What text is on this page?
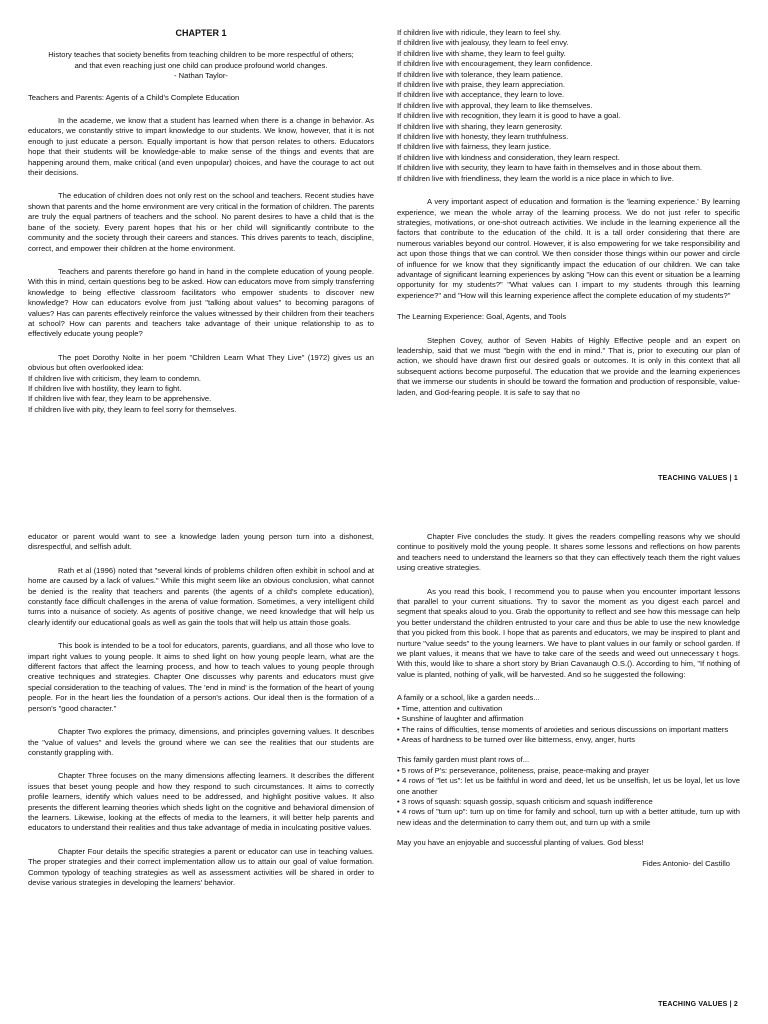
CHAPTER 1

History teaches that society benefits from teaching children to be more respectful of others;

and that even reaching just one child can produce profound world changes.

- Nathan Taylor-

Teachers and Parents: Agents of a Child's Complete Education

In the academe, we know that a student has learned when there is a change in behavior. As educators, we constantly strive to impart knowledge to our students. We know, however, that it is not enough to just educate a person. Equally important is how that person relates to others. Educators hope that their students will be knowledge-able to make sense of the things and events that are happening around them, make critical (and even unpopular) choices, and have the courage to act out their decisions.

The education of children does not only rest on the school and teachers. Recent studies have shown that parents and the home environment are very critical in the formation of children. The parents are truly the equal partners of teachers and the school. No parent desires to have a child that is the bane of the society. Every parent hopes that his or her child will significantly contribute to the community and the society through their careers and stances. This drives parents to teach, discipline, correct, and empower their children at the home environment.

Teachers and parents therefore go hand in hand in the complete education of young people. With this in mind, certain questions beg to be asked. How can educators move from simply transferring knowledge to being effective classroom facilitators who empower students to discover new knowledge? How can educators evolve from just "talking about values" to becoming paragons of values? Has can parents effectively reinforce the values witnessed by their children from their teachers at school? How can parents and teachers take advantage of their unique relationship to as to effectively educate young people?

The poet Dorothy Nolte in her poem "Children Learn What They Live" (1972) gives us an obvious but often overlooked idea:

If children live with criticism, they learn to condemn.
If children live with hostility, they learn to fight.
If children live with fear, they learn to be apprehensive.
If children live with pity, they learn to feel sorry for themselves.
If children live with ridicule, they learn to feel shy.
If children live with jealousy, they learn to feel envy.
If children live with shame, they learn to feel guilty.
If children live with encouragement, they learn confidence.
If children live with tolerance, they learn patience.
If children live with praise, they learn appreciation.
If children live with acceptance, they learn to love.
If children live with approval, they learn to like themselves.
If children live with recognition, they learn it is good to have a goal.
If children live with sharing, they learn generosity.
If children live with honesty, they learn truthfulness.
If children live with fairness, they learn justice.
If children live with kindness and consideration, they learn respect.
If children live with security, they learn to have faith in themselves and in those about them.
If children live with friendliness, they learn the world is a nice place in which to live.

A very important aspect of education and formation is the 'learning experience.' By learning experience, we mean the whole array of the learning process. We do not just refer to specific strategies, motivations, or one-shot outreach activities. We include in the learning experience all the factors that contribute to the education of the child. It is a tall order considering that there are numerous variables beyond our control. However, it is also empowering for we take responsibility and act upon those things that we can control. We then consider those things within our power and circle of influence for we know that they significantly impact the education of our children. We can take advantage of significant learning experiences by asking "How can this event or situation be a learning opportunity for my students?" "What values can I impart to my students through this learning experience?" and "How will this learning experience affect the complete education of my students?"

The Learning Experience: Goal, Agents, and Tools

Stephen Covey, author of Seven Habits of Highly Effective people and an expert on leadership, said that we must "begin with the end in mind." That is, prior to executing our plan of action, we should have drawn first our desired goals or outcomes. It is only in this context that all subsequent actions become purposeful. The education that we provide and the learning experiences that we immerse our students in should be toward the formation and production of responsible, value-laden, and God-fearing people. It is safe to say that no

TEACHING VALUES | 1

educator or parent would want to see a knowledge laden young person turn into a dishonest, disrespectful, and selfish adult.

Rath et al (1996) noted that "several kinds of problems children often exhibit in school and at home are caused by a lack of values." While this might seem like an obvious conclusion, what cannot be denied is the reality that teachers and parents (the agents of a child's complete education), constantly face difficult challenges in the arena of value formation. Sometimes, a very intelligent child turns into a nuisance of society. As agents of positive change, we need knowledge that will help us clearly identify our educational goals as well as gain the tools that will help us attain those goals.

This book is intended to be a tool for educators, parents, guardians, and all those who love to impart right values to young people. It aims to shed light on how young people learn, what are the different factors that affect the learning process, and how to teach values to young people through creative techniques and strategies. Chapter One discusses why parents and educators must give special consideration to the teaching of values. The 'end in mind' is the formation of the heart of young people. For in the heart lies the foundation of a person's actions. Our ideal then is the formation of a person's "good character."

Chapter Two explores the primacy, dimensions, and principles governing values. It describes the "value of values" and levels the ground where we can see the realities that our students are constantly grappling with.

Chapter Three focuses on the many dimensions affecting learners. It describes the different issues that beset young people and how they respond to such circumstances. It aims to correctly profile learners, identify which values need to be addressed, and highlight positive values. It also presents the different learning theories which sheds light on the cognitive and behavioral dimension of the learners. Likewise, looking at the effects of media to the learners, it will better help parents and educators to understand their realities and thus take advantage of media in inculcating positive values.

Chapter Four details the specific strategies a parent or educator can use in teaching values. The proper strategies and their correct implementation allow us to attain our goal of value formation. Common typology of teaching strategies as well as assessment activities will be shared in order to devise various strategies in developing the learners' behavior.

Chapter Five concludes the study. It gives the readers compelling reasons why we should continue to positively mold the young people. It shares some lessons and reflections on how parents and teachers need to understand the learners so that they can effectively teach them the right values using creative strategies.

As you read this book, I recommend you to pause when you encounter important lessons that parallel to your current situations. Try to savor the moment as you digest each parcel and segment that speaks aloud to you. Grab the opportunity to reflect and see how this message can help you better understand the children entrusted to your care and thus be able to use the new knowledge that you picked from this book. I hope that as parents and educators, we may be inspired to plant and nurture "value seeds" to the young learners. We have to plant values in our family or school garden. If we plant values, it means that we have to take care of the seeds and weed out unnecessary t hogs. With this, would like to share a short story by Brian Cavanaugh O.S.(). According to him, "If nothing of value is planted, nothing of yalk, will be harvested. And so he suggested the following:

A family or a school, like a garden needs...

• Time, attention and cultivation

• Sunshine of laughter and affirmation

• The rains of difficulties, tense moments of anxieties and serious discussions on important matters

• Areas of hardness to be turned over like bitterness, envy, anger, hurts

This family garden must plant rows of...

• 5 rows of P's: perseverance, politeness, praise, peace-making and prayer

• 4 rows of "let us": let us be faithful in word and deed, let us be unselfish, let us be loyal, let us love one another

• 3 rows of squash: squash gossip, squash criticism and squash indifference

• 4 rows of "turn up": turn up on time for family and school, turn up with a better attitude, turn up with new ideas and the determination to carry them out, and turn up with a smile

May you have an enjoyable and successful planting of values. God bless!

Fides Antonio- del Castillo

TEACHING VALUES | 2
